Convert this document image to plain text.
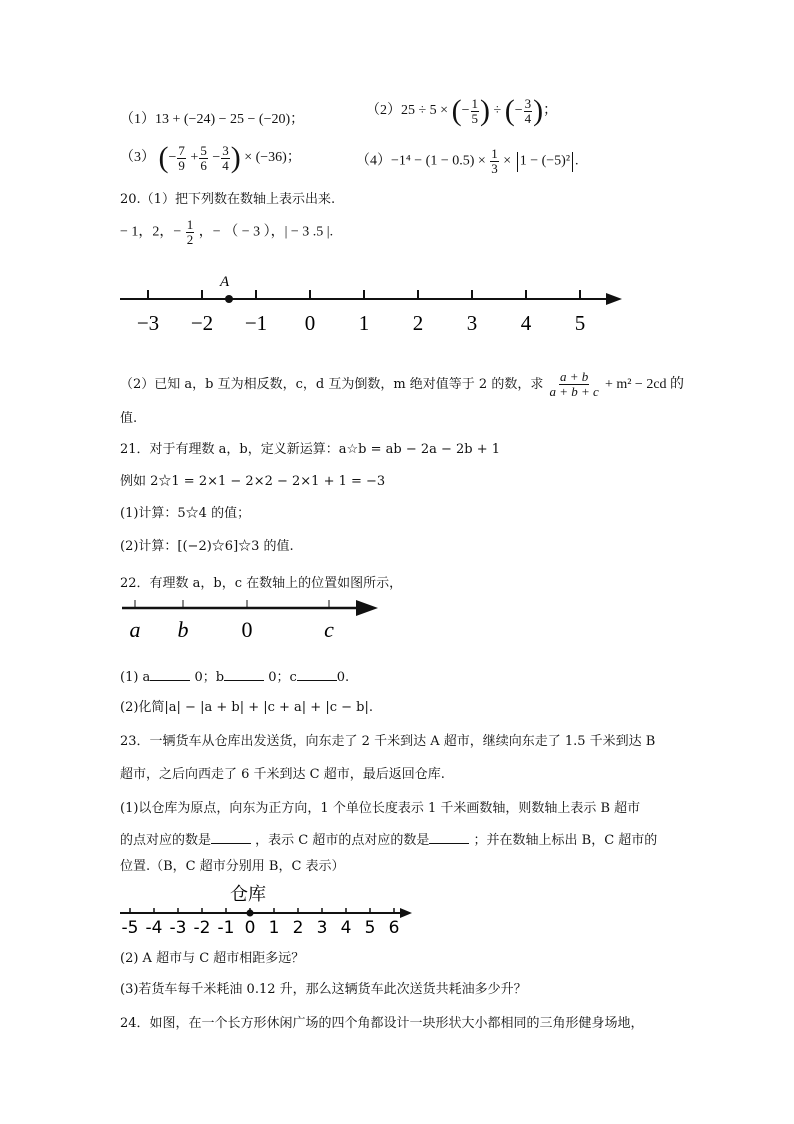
（1）13 + (−24) − 25 − (−20)；
（2）25 ÷ 5 × (− $\frac{1}{5}$ ) ÷ (− $\frac{3}{4}$ )；
（3） (− $\frac{7}{9} + \frac{5}{6} - \frac{3}{4}$ ) × (−36)；	$(4)-1^4 - (1 - 0.5) \times \frac{1}{3} \times 1 - (-5)^2$ .
20.（1）把下列数在数轴上表示出来.
− 1，2，− $\frac{1}{2}$ ，− （ − 3 ），| − 3 .5 |.
−3 −2 −1 0 1 2 3 4 5
A
（2）已知 a，b 互为相反数，c，d 互为倒数，m 绝对值等于 2 的数，求 $\frac{a + b}{a + b + c} + m^2 - 2cd$ 的
值.
21．对于有理数 a，b，定义新运算：a☆b = ab − 2a − 2b + 1
例如 2☆1 = 2×1 − 2×2 − 2×1 + 1 = −3
(1)计算：5☆4 的值；
(2)计算：[(−2)☆6]☆3 的值.
22．有理数 a，b，c 在数轴上的位置如图所示，
a b 0	c
(1) a	0；b	0；c	0.
(2)化简|a| − |a + b| + |c + a| + |c − b|.
23．一辆货车从仓库出发送货，向东走了 2 千米到达 A 超市，继续向东走了 1.5 千米到达 B
超市，之后向西走了 6 千米到达 C 超市，最后返回仓库.
(1)以仓库为原点，向东为正方向，1 个单位长度表示 1 千米画数轴，则数轴上表示 B 超市
的点对应的数是	，表示 C 超市的点对应的数是	；并在数轴上标出 B，C 超市的
位置.（B，C 超市分别用 B，C 表示）
仓库
-5 -4 -3 -2 -1 0 1 2 3 4 5 6
(2) A 超市与 C 超市相距多远？
(3)若货车每千米耗油 0.12 升，那么这辆货车此次送货共耗油多少升？
24．如图，在一个长方形休闲广场的四个角都设计一块形状大小都相同的三角形健身场地，
